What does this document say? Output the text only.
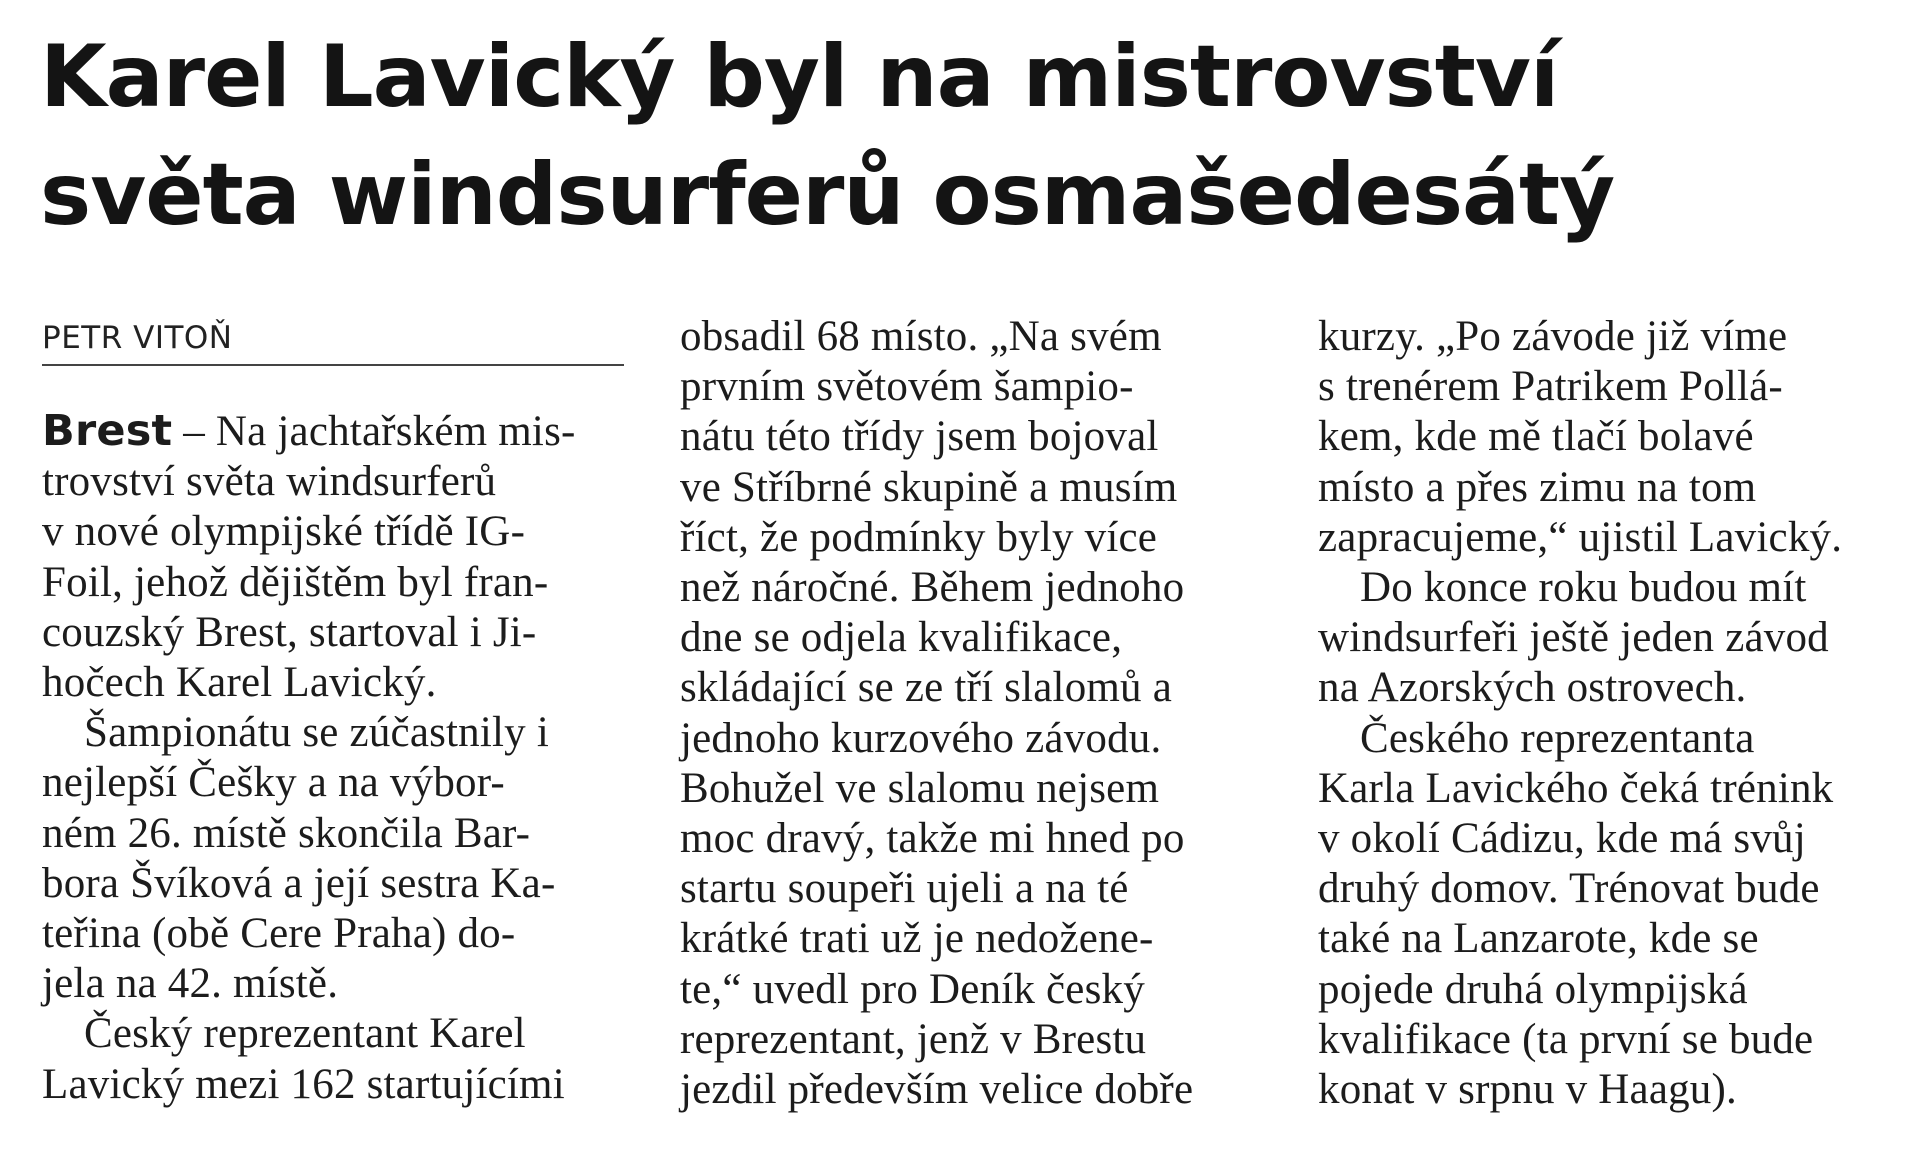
Karel Lavický byl na mistrovství
světa windsurferů osmašedesátý
PETR VITOŇ
Brest – Na jachtařském mis-
trovství světa windsurferů
v nové olympijské třídě IG-
Foil, jehož dějištěm byl fran-
couzský Brest, startoval i Ji-
hočech Karel Lavický.
Šampionátu se zúčastnily i
nejlepší Češky a na výbor-
ném 26. místě skončila Bar-
bora Švíková a její sestra Ka-
teřina (obě Cere Praha) do-
jela na 42. místě.
Český reprezentant Karel
Lavický mezi 162 startujícími
obsadil 68 místo. „Na svém
prvním světovém šampio-
nátu této třídy jsem bojoval
ve Stříbrné skupině a musím
říct, že podmínky byly více
než náročné. Během jednoho
dne se odjela kvalifikace,
skládající se ze tří slalomů a
jednoho kurzového závodu.
Bohužel ve slalomu nejsem
moc dravý, takže mi hned po
startu soupeři ujeli a na té
krátké trati už je nedožene-
te,“ uvedl pro Deník český
reprezentant, jenž v Brestu
jezdil především velice dobře
kurzy. „Po závode již víme
s trenérem Patrikem Pollá-
kem, kde mě tlačí bolavé
místo a přes zimu na tom
zapracujeme,“ ujistil Lavický.
Do konce roku budou mít
windsurfeři ještě jeden závod
na Azorských ostrovech.
Českého reprezentanta
Karla Lavického čeká trénink
v okolí Cádizu, kde má svůj
druhý domov. Trénovat bude
také na Lanzarote, kde se
pojede druhá olympijská
kvalifikace (ta první se bude
konat v srpnu v Haagu).
